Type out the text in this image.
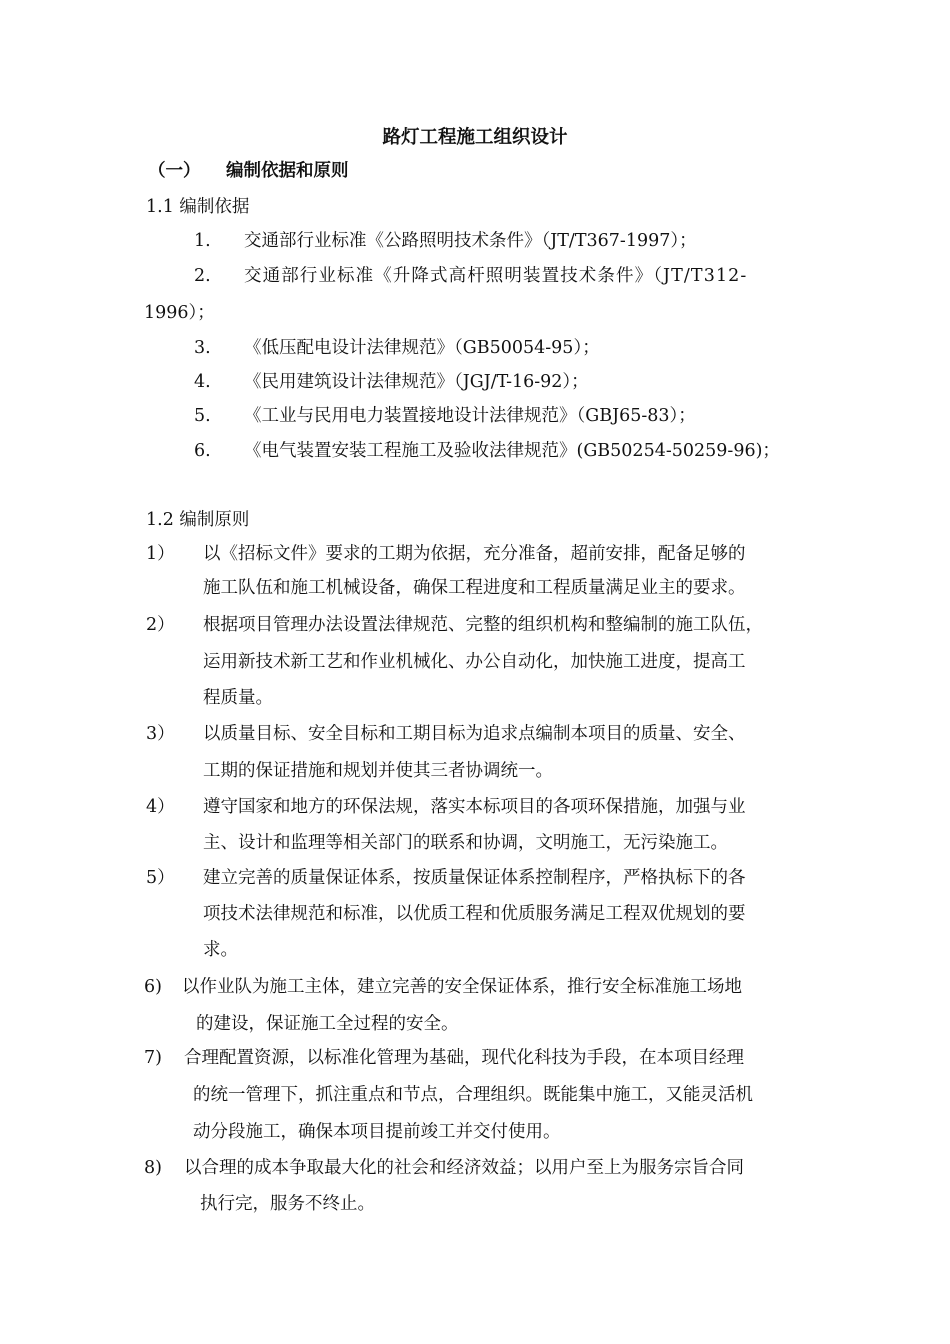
路灯工程施工组织设计
（一） 编制依据和原则
1.1 编制依据
1. 交通部行业标准《公路照明技术条件》（JT/T367-1997）；
2. 交通部行业标准《升降式高杆照明装置技术条件》（JT/T312-
1996）；
3. 《低压配电设计法律规范》（GB50054-95）；
4. 《民用建筑设计法律规范》（JGJ/T-16-92）；
5. 《工业与民用电力装置接地设计法律规范》（GBJ65-83）；
6. 《电气装置安装工程施工及验收法律规范》(GB50254-50259-96)；
1.2 编制原则
1） 以《招标文件》要求的工期为依据，充分准备，超前安排，配备足够的
施工队伍和施工机械设备，确保工程进度和工程质量满足业主的要求。
2） 根据项目管理办法设置法律规范、完整的组织机构和整编制的施工队伍，
运用新技术新工艺和作业机械化、办公自动化，加快施工进度，提高工
程质量。
3） 以质量目标、安全目标和工期目标为追求点编制本项目的质量、安全、
工期的保证措施和规划并使其三者协调统一。
4） 遵守国家和地方的环保法规，落实本标项目的各项环保措施，加强与业
主、设计和监理等相关部门的联系和协调，文明施工，无污染施工。
5） 建立完善的质量保证体系，按质量保证体系控制程序，严格执标下的各
项技术法律规范和标准，以优质工程和优质服务满足工程双优规划的要
求。
6) 以作业队为施工主体，建立完善的安全保证体系，推行安全标准施工场地
的建设，保证施工全过程的安全。
7) 合理配置资源，以标准化管理为基础，现代化科技为手段，在本项目经理
的统一管理下，抓注重点和节点，合理组织。既能集中施工，又能灵活机
动分段施工，确保本项目提前竣工并交付使用。
8) 以合理的成本争取最大化的社会和经济效益；以用户至上为服务宗旨合同
执行完，服务不终止。
